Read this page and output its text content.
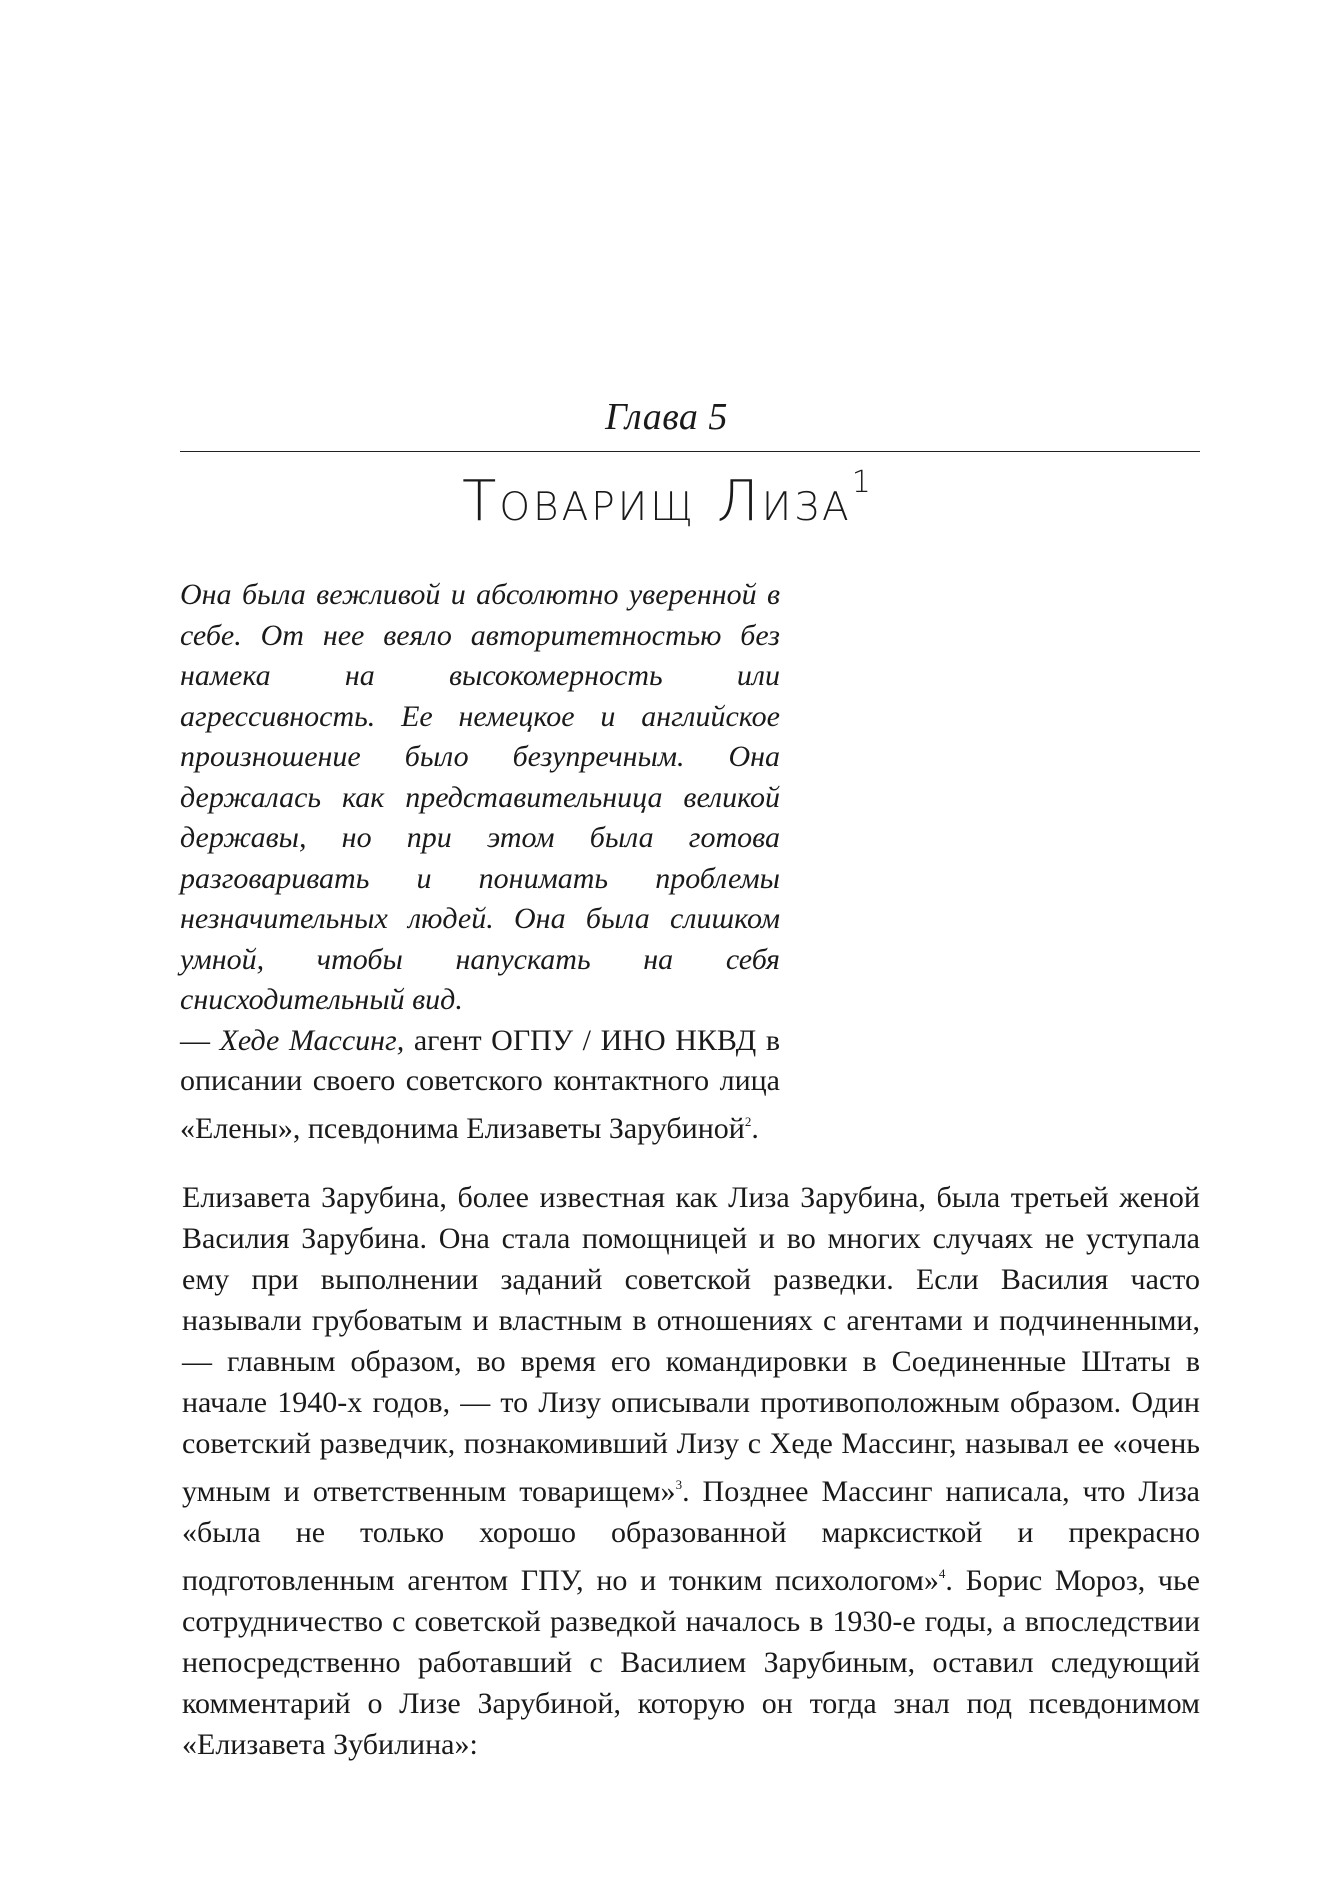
Глава 5
Товарищ Лиза$^1$
Она была вежливой и абсолютно уверенной в себе. От нее веяло авторитетностью без намека на высокомерность или агрессивность. Ее немецкое и английское произношение было безупречным. Она держалась как представительница великой державы, но при этом была готова разговаривать и понимать проблемы незначительных людей. Она была слишком умной, чтобы напускать на себя снисходительный вид.
— Хеде Массинг, агент ОГПУ / ИНО НКВД в описании своего советского контактного лица «Елены», псевдонима Елизаветы Зарубиной$^2$.

Елизавета Зарубина, более известная как Лиза Зарубина, была третьей женой Василия Зарубина. Она стала помощницей и во многих случаях не уступала ему при выполнении заданий советской разведки. Если Василия часто называли грубоватым и властным в отношениях с агентами и подчиненными, — главным образом, во время его командировки в Соединенные Штаты в начале 1940-х годов, — то Лизу описывали противоположным образом. Один советский разведчик, познакомивший Лизу с Хеде Массинг, называл ее «очень умным и ответственным товарищем»$^3$. Позднее Массинг написала, что Лиза «была не только хорошо образованной марксисткой и прекрасно подготовленным агентом ГПУ, но и тонким психологом»$^4$. Борис Мороз, чье сотрудничество с советской разведкой началось в 1930-е годы, а впоследствии непосредственно работавший с Василием Зарубиным, оставил следующий комментарий о Лизе Зарубиной, которую он тогда знал под псевдонимом «Елизавета Зубилина»:
